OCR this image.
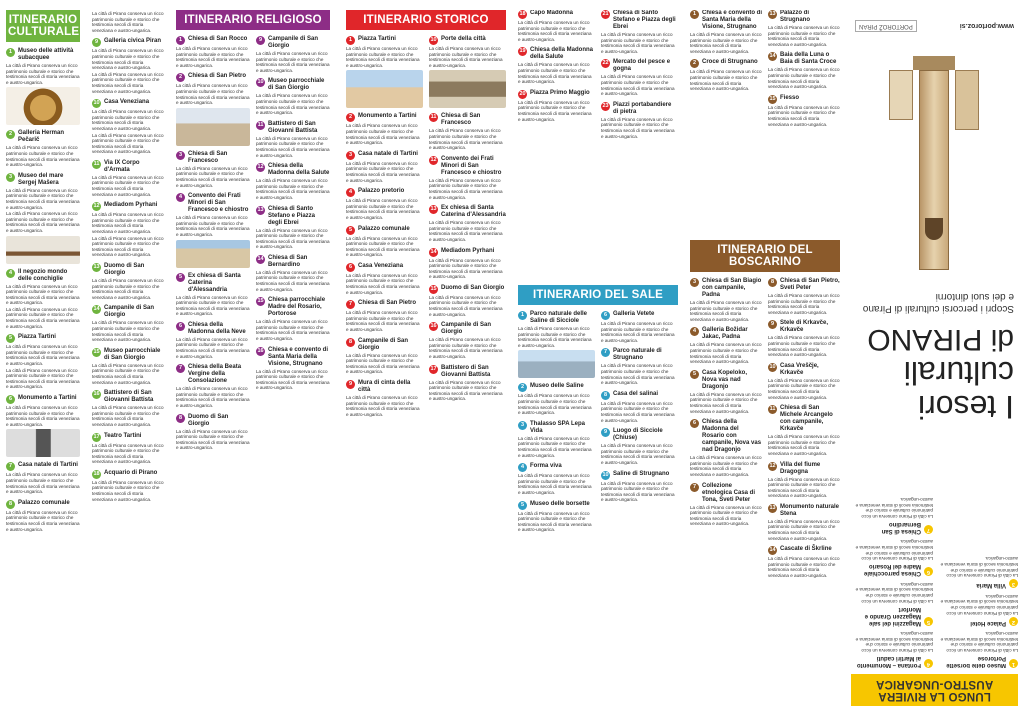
ITINERARIO CULTURALE
1 Museo delle attività subacquee
La città di Pirano conserva un ricco patrimonio culturale e storico che testimonia secoli di storia veneziana e austro-ungarica.
2 Galleria Herman Pečarič
La città di Pirano conserva un ricco patrimonio culturale e storico che testimonia secoli di storia veneziana e austro-ungarica.
3 Museo del mare Sergej Mašera
La città di Pirano conserva un ricco patrimonio culturale e storico che testimonia secoli di storia veneziana e austro-ungarica.
La città di Pirano conserva un ricco patrimonio culturale e storico che testimonia secoli di storia veneziana e austro-ungarica.
4 Il negozio mondo delle conchiglie
La città di Pirano conserva un ricco patrimonio culturale e storico che testimonia secoli di storia veneziana e austro-ungarica.
La città di Pirano conserva un ricco patrimonio culturale e storico che testimonia secoli di storia veneziana e austro-ungarica.
5 Piazza Tartini
La città di Pirano conserva un ricco patrimonio culturale e storico che testimonia secoli di storia veneziana e austro-ungarica.
La città di Pirano conserva un ricco patrimonio culturale e storico che testimonia secoli di storia veneziana e austro-ungarica.
6 Monumento a Tartini
La città di Pirano conserva un ricco patrimonio culturale e storico che testimonia secoli di storia veneziana e austro-ungarica.
7 Casa natale di Tartini
La città di Pirano conserva un ricco patrimonio culturale e storico che testimonia secoli di storia veneziana e austro-ungarica.
8 Palazzo comunale
La città di Pirano conserva un ricco patrimonio culturale e storico che testimonia secoli di storia veneziana e austro-ungarica.
La città di Pirano conserva un ricco patrimonio culturale e storico che testimonia secoli di storia veneziana e austro-ungarica.
9 Galleria civica Piran
La città di Pirano conserva un ricco patrimonio culturale e storico che testimonia secoli di storia veneziana e austro-ungarica.
La città di Pirano conserva un ricco patrimonio culturale e storico che testimonia secoli di storia veneziana e austro-ungarica.
10 Casa Veneziana
La città di Pirano conserva un ricco patrimonio culturale e storico che testimonia secoli di storia veneziana e austro-ungarica.
La città di Pirano conserva un ricco patrimonio culturale e storico che testimonia secoli di storia veneziana e austro-ungarica.
11 Via IX Corpo d'Armata
La città di Pirano conserva un ricco patrimonio culturale e storico che testimonia secoli di storia veneziana e austro-ungarica.
12 Mediadom Pyrhani
La città di Pirano conserva un ricco patrimonio culturale e storico che testimonia secoli di storia veneziana e austro-ungarica.
La città di Pirano conserva un ricco patrimonio culturale e storico che testimonia secoli di storia veneziana e austro-ungarica.
13 Duomo di San Giorgio
La città di Pirano conserva un ricco patrimonio culturale e storico che testimonia secoli di storia veneziana e austro-ungarica.
14 Campanile di San Giorgio
La città di Pirano conserva un ricco patrimonio culturale e storico che testimonia secoli di storia veneziana e austro-ungarica.
15 Museo parrocchiale di San Giorgio
La città di Pirano conserva un ricco patrimonio culturale e storico che testimonia secoli di storia veneziana e austro-ungarica.
16 Battistero di San Giovanni Battista
La città di Pirano conserva un ricco patrimonio culturale e storico che testimonia secoli di storia veneziana e austro-ungarica.
17 Teatro Tartini
La città di Pirano conserva un ricco patrimonio culturale e storico che testimonia secoli di storia veneziana e austro-ungarica.
18 Acquario di Pirano
La città di Pirano conserva un ricco patrimonio culturale e storico che testimonia secoli di storia veneziana e austro-ungarica.
ITINERARIO RELIGIOSO
1 Chiesa di San Rocco
La città di Pirano conserva un ricco patrimonio culturale e storico che testimonia secoli di storia veneziana e austro-ungarica.
2 Chiesa di San Pietro
La città di Pirano conserva un ricco patrimonio culturale e storico che testimonia secoli di storia veneziana e austro-ungarica.
3 Chiesa di San Francesco
La città di Pirano conserva un ricco patrimonio culturale e storico che testimonia secoli di storia veneziana e austro-ungarica.
4 Convento dei Frati Minori di San Francesco e chiostro
La città di Pirano conserva un ricco patrimonio culturale e storico che testimonia secoli di storia veneziana e austro-ungarica.
5 Ex chiesa di Santa Caterina d'Alessandria
La città di Pirano conserva un ricco patrimonio culturale e storico che testimonia secoli di storia veneziana e austro-ungarica.
6 Chiesa della Madonna della Neve
La città di Pirano conserva un ricco patrimonio culturale e storico che testimonia secoli di storia veneziana e austro-ungarica.
7 Chiesa della Beata Vergine della Consolazione
La città di Pirano conserva un ricco patrimonio culturale e storico che testimonia secoli di storia veneziana e austro-ungarica.
8 Duomo di San Giorgio
La città di Pirano conserva un ricco patrimonio culturale e storico che testimonia secoli di storia veneziana e austro-ungarica.
9 Campanile di San Giorgio
La città di Pirano conserva un ricco patrimonio culturale e storico che testimonia secoli di storia veneziana e austro-ungarica.
10 Museo parrocchiale di San Giorgio
La città di Pirano conserva un ricco patrimonio culturale e storico che testimonia secoli di storia veneziana e austro-ungarica.
11 Battistero di San Giovanni Battista
La città di Pirano conserva un ricco patrimonio culturale e storico che testimonia secoli di storia veneziana e austro-ungarica.
12 Chiesa della Madonna della Salute
La città di Pirano conserva un ricco patrimonio culturale e storico che testimonia secoli di storia veneziana e austro-ungarica.
13 Chiesa di Santo Stefano e Piazza degli Ebrei
La città di Pirano conserva un ricco patrimonio culturale e storico che testimonia secoli di storia veneziana e austro-ungarica.
14 Chiesa di San Bernardino
La città di Pirano conserva un ricco patrimonio culturale e storico che testimonia secoli di storia veneziana e austro-ungarica.
15 Chiesa parrocchiale Madre del Rosario, Portorose
La città di Pirano conserva un ricco patrimonio culturale e storico che testimonia secoli di storia veneziana e austro-ungarica.
16 Chiesa e convento di Santa Maria della Visione, Strugnano
La città di Pirano conserva un ricco patrimonio culturale e storico che testimonia secoli di storia veneziana e austro-ungarica.
ITINERARIO STORICO
1 Piazza Tartini
La città di Pirano conserva un ricco patrimonio culturale e storico che testimonia secoli di storia veneziana e austro-ungarica.
2 Monumento a Tartini
La città di Pirano conserva un ricco patrimonio culturale e storico che testimonia secoli di storia veneziana e austro-ungarica.
3 Casa natale di Tartini
La città di Pirano conserva un ricco patrimonio culturale e storico che testimonia secoli di storia veneziana e austro-ungarica.
4 Palazzo pretorio
La città di Pirano conserva un ricco patrimonio culturale e storico che testimonia secoli di storia veneziana e austro-ungarica.
5 Palazzo comunale
La città di Pirano conserva un ricco patrimonio culturale e storico che testimonia secoli di storia veneziana e austro-ungarica.
6 Casa Veneziana
La città di Pirano conserva un ricco patrimonio culturale e storico che testimonia secoli di storia veneziana e austro-ungarica.
7 Chiesa di San Pietro
La città di Pirano conserva un ricco patrimonio culturale e storico che testimonia secoli di storia veneziana e austro-ungarica.
8 Campanile di San Giorgio
La città di Pirano conserva un ricco patrimonio culturale e storico che testimonia secoli di storia veneziana e austro-ungarica.
9 Mura di cinta della città
La città di Pirano conserva un ricco patrimonio culturale e storico che testimonia secoli di storia veneziana e austro-ungarica.
10 Porte della città
La città di Pirano conserva un ricco patrimonio culturale e storico che testimonia secoli di storia veneziana e austro-ungarica.
11 Chiesa di San Francesco
La città di Pirano conserva un ricco patrimonio culturale e storico che testimonia secoli di storia veneziana e austro-ungarica.
12 Convento dei Frati Minori di San Francesco e chiostro
La città di Pirano conserva un ricco patrimonio culturale e storico che testimonia secoli di storia veneziana e austro-ungarica.
13 Ex chiesa di Santa Caterina d'Alessandria
La città di Pirano conserva un ricco patrimonio culturale e storico che testimonia secoli di storia veneziana e austro-ungarica.
14 Mediadom Pyrhani
La città di Pirano conserva un ricco patrimonio culturale e storico che testimonia secoli di storia veneziana e austro-ungarica.
15 Duomo di San Giorgio
La città di Pirano conserva un ricco patrimonio culturale e storico che testimonia secoli di storia veneziana e austro-ungarica.
16 Campanile di San Giorgio
La città di Pirano conserva un ricco patrimonio culturale e storico che testimonia secoli di storia veneziana e austro-ungarica.
17 Battistero di San Giovanni Battista
La città di Pirano conserva un ricco patrimonio culturale e storico che testimonia secoli di storia veneziana e austro-ungarica.
18 Capo Madonna
La città di Pirano conserva un ricco patrimonio culturale e storico che testimonia secoli di storia veneziana e austro-ungarica.
19 Chiesa della Madonna della Salute
La città di Pirano conserva un ricco patrimonio culturale e storico che testimonia secoli di storia veneziana e austro-ungarica.
20 Piazza Primo Maggio
La città di Pirano conserva un ricco patrimonio culturale e storico che testimonia secoli di storia veneziana e austro-ungarica.
21 Chiesa di Santo Stefano e Piazza degli Ebrei
La città di Pirano conserva un ricco patrimonio culturale e storico che testimonia secoli di storia veneziana e austro-ungarica.
22 Mercato del pesce e gogna
La città di Pirano conserva un ricco patrimonio culturale e storico che testimonia secoli di storia veneziana e austro-ungarica.
23 Piazzi portabandiere di pietra
La città di Pirano conserva un ricco patrimonio culturale e storico che testimonia secoli di storia veneziana e austro-ungarica.
ITINERARIO DEL SALE
1 Parco naturale delle Saline di Sicciole
La città di Pirano conserva un ricco patrimonio culturale e storico che testimonia secoli di storia veneziana e austro-ungarica.
2 Museo delle Saline
La città di Pirano conserva un ricco patrimonio culturale e storico che testimonia secoli di storia veneziana e austro-ungarica.
3 Thalasso SPA Lepa Vida
La città di Pirano conserva un ricco patrimonio culturale e storico che testimonia secoli di storia veneziana e austro-ungarica.
4 Forma viva
La città di Pirano conserva un ricco patrimonio culturale e storico che testimonia secoli di storia veneziana e austro-ungarica.
5 Museo delle borsette
La città di Pirano conserva un ricco patrimonio culturale e storico che testimonia secoli di storia veneziana e austro-ungarica.
6 Galleria Vetete
La città di Pirano conserva un ricco patrimonio culturale e storico che testimonia secoli di storia veneziana e austro-ungarica.
7 Parco naturale di Strugnano
La città di Pirano conserva un ricco patrimonio culturale e storico che testimonia secoli di storia veneziana e austro-ungarica.
8 Casa del salinai
La città di Pirano conserva un ricco patrimonio culturale e storico che testimonia secoli di storia veneziana e austro-ungarica.
9 Luogo di Sicciole (Chiuse)
La città di Pirano conserva un ricco patrimonio culturale e storico che testimonia secoli di storia veneziana e austro-ungarica.
10 Saline di Strugnano
La città di Pirano conserva un ricco patrimonio culturale e storico che testimonia secoli di storia veneziana e austro-ungarica.
1 Chiesa e convento di Santa Maria della Visione, Strugnano
La città di Pirano conserva un ricco patrimonio culturale e storico che testimonia secoli di storia veneziana e austro-ungarica.
2 Croce di Strugnano
La città di Pirano conserva un ricco patrimonio culturale e storico che testimonia secoli di storia veneziana e austro-ungarica.
13 Palazzo di Strugnano
La città di Pirano conserva un ricco patrimonio culturale e storico che testimonia secoli di storia veneziana e austro-ungarica.
14 Baia della Luna o Baia di Santa Croce
La città di Pirano conserva un ricco patrimonio culturale e storico che testimonia secoli di storia veneziana e austro-ungarica.
15 Fiesso
La città di Pirano conserva un ricco patrimonio culturale e storico che testimonia secoli di storia veneziana e austro-ungarica.
ITINERARIO DEL BOSCARINO
3 Chiesa di San Biagio con campanile, Padna
La città di Pirano conserva un ricco patrimonio culturale e storico che testimonia secoli di storia veneziana e austro-ungarica.
4 Galleria Božidar Jakac, Padna
La città di Pirano conserva un ricco patrimonio culturale e storico che testimonia secoli di storia veneziana e austro-ungarica.
5 Casa Kopeloko, Nova vas nad Dragonjo
La città di Pirano conserva un ricco patrimonio culturale e storico che testimonia secoli di storia veneziana e austro-ungarica.
6 Chiesa della Madonna del Rosario con campanile, Nova vas nad Dragonjo
La città di Pirano conserva un ricco patrimonio culturale e storico che testimonia secoli di storia veneziana e austro-ungarica.
7 Collezione etnologica Casa di Tona, Sveti Peter
La città di Pirano conserva un ricco patrimonio culturale e storico che testimonia secoli di storia veneziana e austro-ungarica.
8 Chiesa di San Pietro, Sveti Peter
La città di Pirano conserva un ricco patrimonio culturale e storico che testimonia secoli di storia veneziana e austro-ungarica.
9 Stele di Krkavče, Krkavče
La città di Pirano conserva un ricco patrimonio culturale e storico che testimonia secoli di storia veneziana e austro-ungarica.
10 Casa Vreščje, Krkavče
La città di Pirano conserva un ricco patrimonio culturale e storico che testimonia secoli di storia veneziana e austro-ungarica.
11 Chiesa di San Michele Arcangelo con campanile, Krkavče
La città di Pirano conserva un ricco patrimonio culturale e storico che testimonia secoli di storia veneziana e austro-ungarica.
12 Villa del fiume Dragogna
La città di Pirano conserva un ricco patrimonio culturale e storico che testimonia secoli di storia veneziana e austro-ungarica.
13 Monumento naturale Stena
La città di Pirano conserva un ricco patrimonio culturale e storico che testimonia secoli di storia veneziana e austro-ungarica.
14 Cascate di Škrline
La città di Pirano conserva un ricco patrimonio culturale e storico che testimonia secoli di storia veneziana e austro-ungarica.
LUNGO LA RIVIERA AUSTRO-UNGARICA
1
Museo delle borsette Portorose
La città di Pirano conserva un ricco patrimonio culturale e storico che testimonia secoli di storia veneziana e austro-ungarica.
2
Palace Hotel
La città di Pirano conserva un ricco patrimonio culturale e storico che testimonia secoli di storia veneziana e austro-ungarica.
3
Villa Maria
La città di Pirano conserva un ricco patrimonio culturale e storico che testimonia secoli di storia veneziana e austro-ungarica.
4
Fontana – Monumento ai Martiri caduti
La città di Pirano conserva un ricco patrimonio culturale e storico che testimonia secoli di storia veneziana e austro-ungarica.
5
Magazzini del sale Magazzen Grando e Monfort
La città di Pirano conserva un ricco patrimonio culturale e storico che testimonia secoli di storia veneziana e austro-ungarica.
6
Chiesa parrocchiale Madre del Rosario
La città di Pirano conserva un ricco patrimonio culturale e storico che testimonia secoli di storia veneziana e austro-ungarica.
7
Chiesa di San Bernardino
La città di Pirano conserva un ricco patrimonio culturale e storico che testimonia secoli di storia veneziana e austro-ungarica.
I tesori
culturali
di PIRANO
Scopri i percorsi culturali di Pirano e dei suoi dintorni
www.portoroz.si
PORTOROŽ PIRAN
